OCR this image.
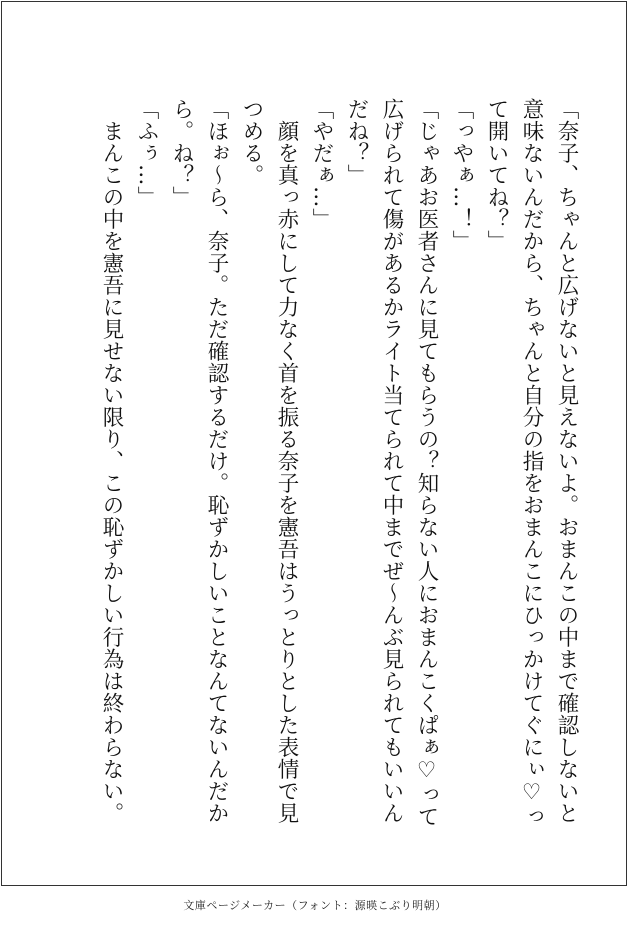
「奈子、ちゃんと広げないと見えないよ。おまんこの中まで確認しないと
意味ないんだから、ちゃんと自分の指をおまんこにひっかけてぐにぃ♡っ
て開いてね？」
「っやぁ…！」
「じゃあお医者さんに見てもらうの？知らない人におまんこくぱぁ♡って
広げられて傷があるかライト当てられて中までぜ～んぶ見られてもいいん
だね？」
「やだぁ…」
　顔を真っ赤にして力なく首を振る奈子を憲吾はうっとりとした表情で見
つめる。
「ほぉ～ら、奈子。ただ確認するだけ。恥ずかしいことなんてないんだか
ら。ね？」
「ふぅ…」
　まんこの中を憲吾に見せない限り、この恥ずかしい行為は終わらない。
文庫ページメーカー（フォント：源暎こぶり明朝）
